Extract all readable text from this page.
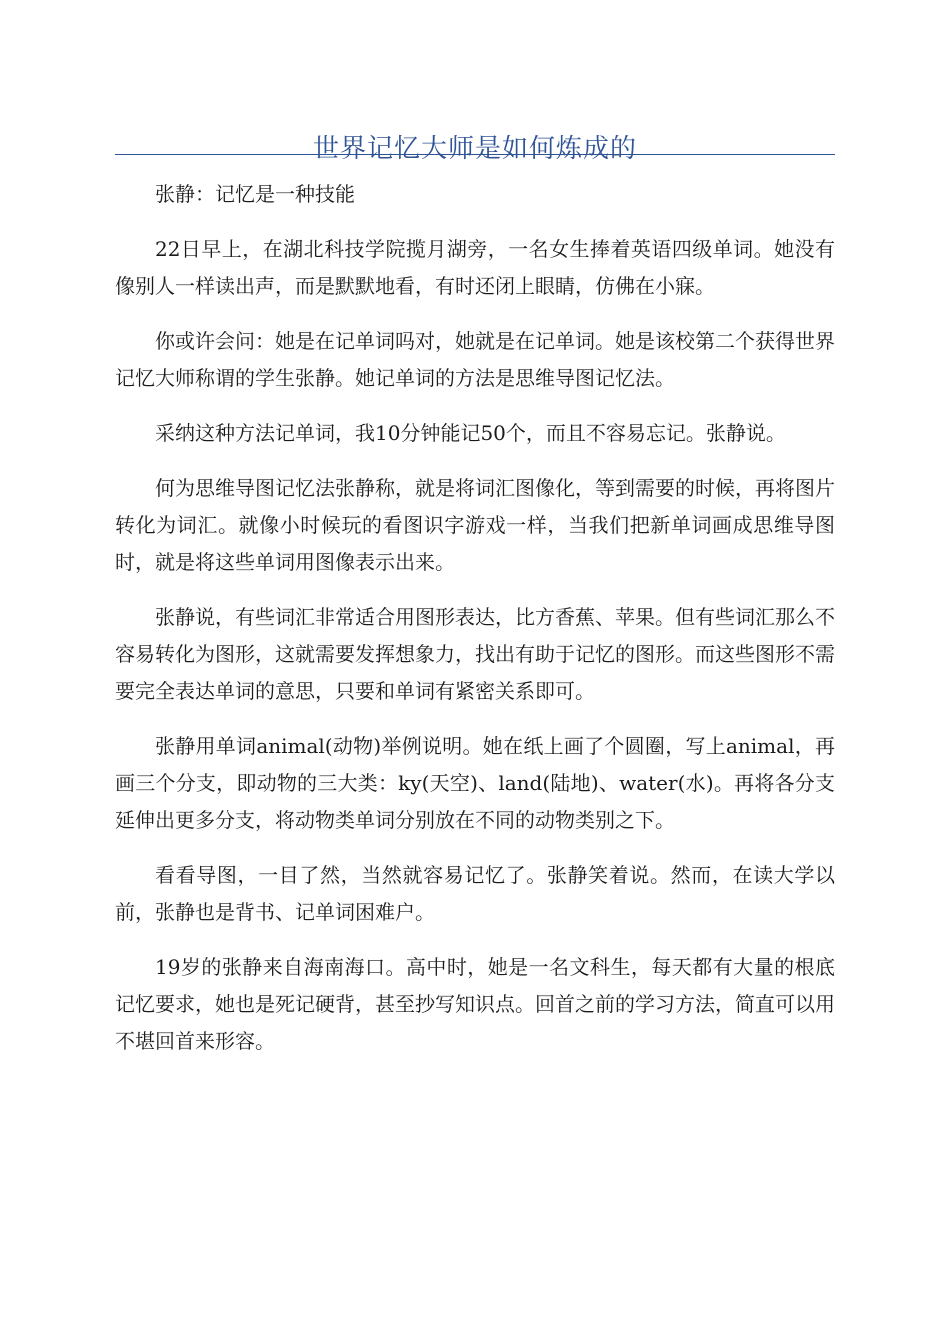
世界记忆大师是如何炼成的

张静：记忆是一种技能

22日早上，在湖北科技学院揽月湖旁，一名女生捧着英语四级单词。她没有像别人一样读出声，而是默默地看，有时还闭上眼睛，仿佛在小寐。

你或许会问：她是在记单词吗对，她就是在记单词。她是该校第二个获得世界记忆大师称谓的学生张静。她记单词的方法是思维导图记忆法。

采纳这种方法记单词，我10分钟能记50个，而且不容易忘记。张静说。

何为思维导图记忆法张静称，就是将词汇图像化，等到需要的时候，再将图片转化为词汇。就像小时候玩的看图识字游戏一样，当我们把新单词画成思维导图时，就是将这些单词用图像表示出来。

张静说，有些词汇非常适合用图形表达，比方香蕉、苹果。但有些词汇那么不容易转化为图形，这就需要发挥想象力，找出有助于记忆的图形。而这些图形不需要完全表达单词的意思，只要和单词有紧密关系即可。

张静用单词animal(动物)举例说明。她在纸上画了个圆圈，写上animal，再画三个分支，即动物的三大类：ky(天空)、land(陆地)、water(水)。再将各分支延伸出更多分支，将动物类单词分别放在不同的动物类别之下。

看看导图，一目了然，当然就容易记忆了。张静笑着说。然而，在读大学以前，张静也是背书、记单词困难户。

19岁的张静来自海南海口。高中时，她是一名文科生，每天都有大量的根底记忆要求，她也是死记硬背，甚至抄写知识点。回首之前的学习方法，简直可以用不堪回首来形容。
